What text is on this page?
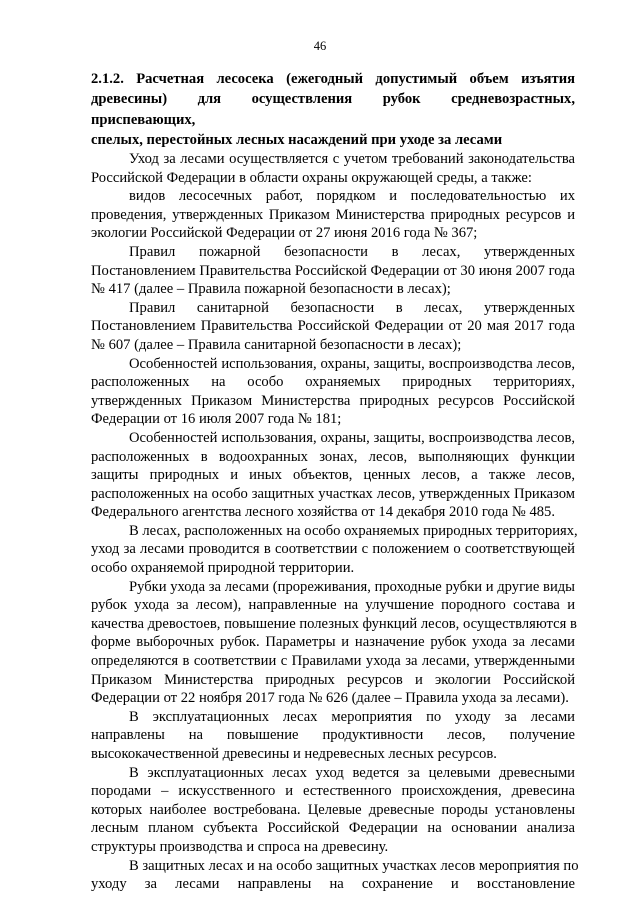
46
2.1.2. Расчетная лесосека (ежегодный допустимый объем изъятия
древесины) для осуществления рубок средневозрастных, приспевающих,
спелых, перестойных лесных насаждений при уходе за лесами
Уход за лесами осуществляется с учетом требований законодательства
Российской Федерации в области охраны окружающей среды, а также:
видов лесосечных работ, порядком и последовательностью их
проведения, утвержденных Приказом Министерства природных ресурсов и
экологии Российской Федерации от 27 июня 2016 года № 367;
Правил пожарной безопасности в лесах, утвержденных
Постановлением Правительства Российской Федерации от 30 июня 2007 года
№ 417 (далее – Правила пожарной безопасности в лесах);
Правил санитарной безопасности в лесах, утвержденных
Постановлением Правительства Российской Федерации от 20 мая 2017 года
№ 607 (далее – Правила санитарной безопасности в лесах);
Особенностей использования, охраны, защиты, воспроизводства лесов,
расположенных на особо охраняемых природных территориях,
утвержденных Приказом Министерства природных ресурсов Российской
Федерации от 16 июля 2007 года № 181;
Особенностей использования, охраны, защиты, воспроизводства лесов,
расположенных в водоохранных зонах, лесов, выполняющих функции
защиты природных и иных объектов, ценных лесов, а также лесов,
расположенных на особо защитных участках лесов, утвержденных Приказом
Федерального агентства лесного хозяйства от 14 декабря 2010 года № 485.
В лесах, расположенных на особо охраняемых природных территориях,
уход за лесами проводится в соответствии с положением о соответствующей
особо охраняемой природной территории.
Рубки ухода за лесами (прореживания, проходные рубки и другие виды
рубок ухода за лесом), направленные на улучшение породного состава и
качества древостоев, повышение полезных функций лесов, осуществляются в
форме выборочных рубок. Параметры и назначение рубок ухода за лесами
определяются в соответствии с Правилами ухода за лесами, утвержденными
Приказом Министерства природных ресурсов и экологии Российской
Федерации от 22 ноября 2017 года № 626 (далее – Правила ухода за лесами).
В эксплуатационных лесах мероприятия по уходу за лесами
направлены на повышение продуктивности лесов, получение
высококачественной древесины и недревесных лесных ресурсов.
В эксплуатационных лесах уход ведется за целевыми древесными
породами – искусственного и естественного происхождения, древесина
которых наиболее востребована. Целевые древесные породы установлены
лесным планом субъекта Российской Федерации на основании анализа
структуры производства и спроса на древесину.
В защитных лесах и на особо защитных участках лесов мероприятия по
уходу за лесами направлены на сохранение и восстановление
